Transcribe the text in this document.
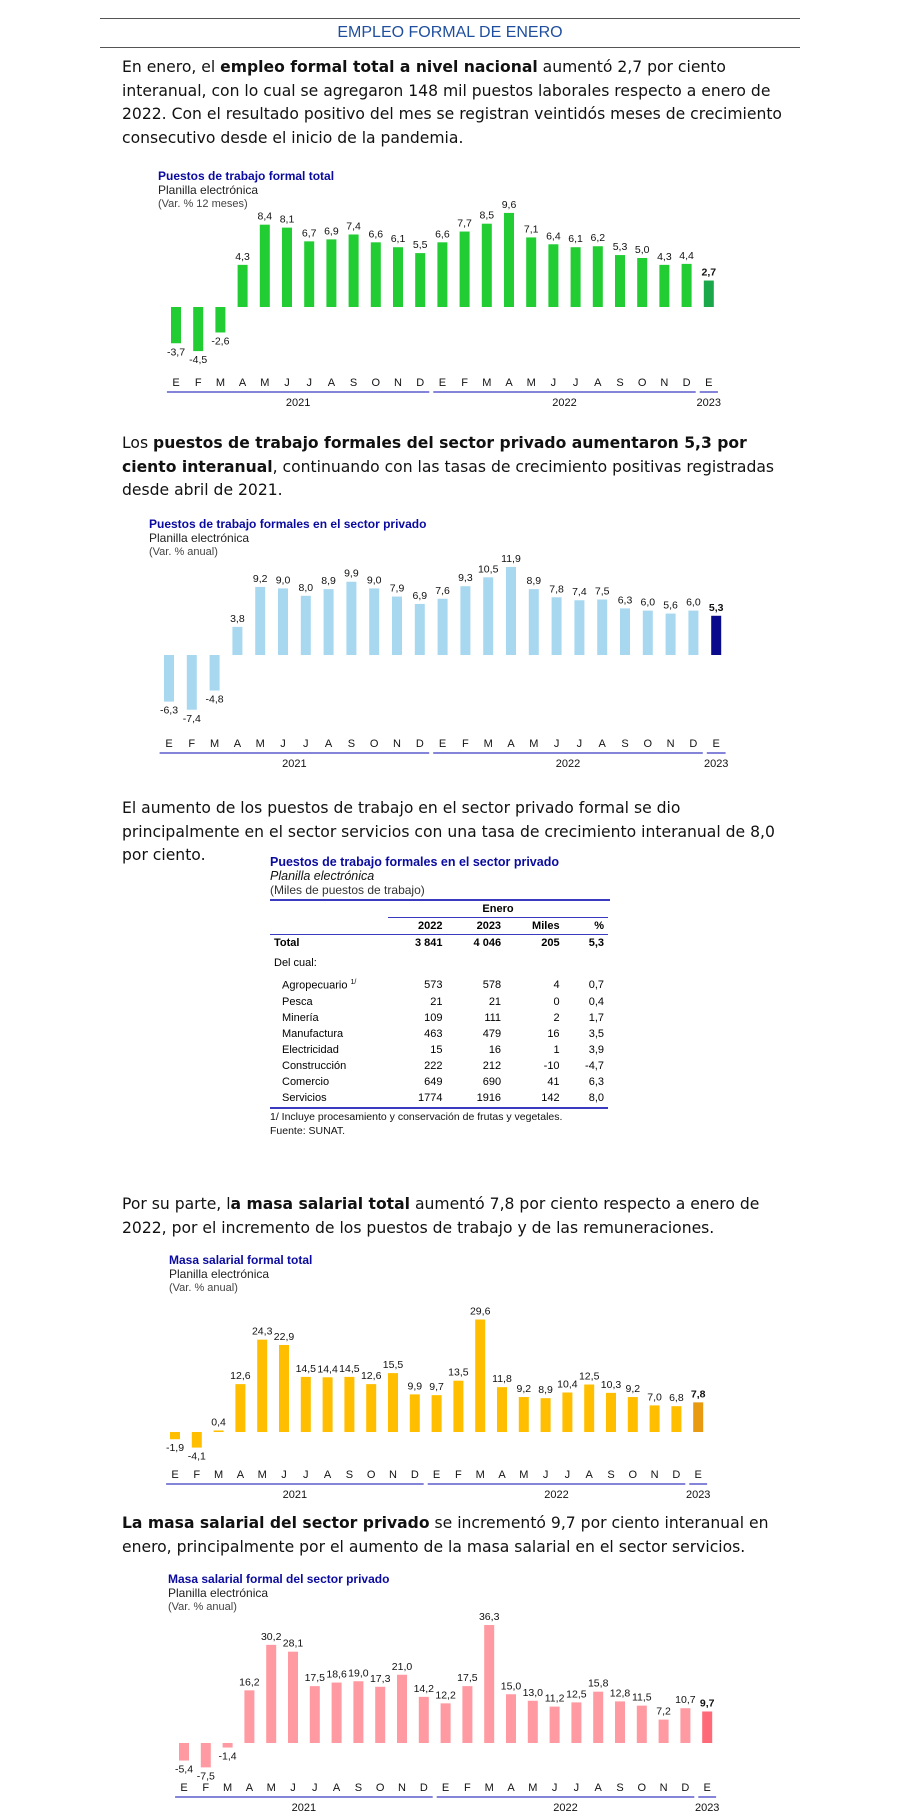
EMPLEO FORMAL DE ENERO
En enero, el empleo formal total a nivel nacional aumentó 2,7 por ciento interanual, con lo cual se agregaron 148 mil puestos laborales respecto a enero de 2022. Con el resultado positivo del mes se registran veintidós meses de crecimiento consecutivo desde el inicio de la pandemia.
Puestos de trabajo formal total
Planilla electrónica
(Var. % 12 meses)
-3,7
E
-4,5
F
-2,6
M
4,3
A
8,4
M
8,1
J
6,7
J
6,9
A
7,4
S
6,6
O
6,1
N
5,5
D
6,6
E
7,7
F
8,5
M
9,6
A
7,1
M
6,4
J
6,1
J
6,2
A
5,3
S
5,0
O
4,3
N
4,4
D
2,7
E
2021	2022	2023
Los puestos de trabajo formales del sector privado aumentaron 5,3 por ciento interanual, continuando con las tasas de crecimiento positivas registradas desde abril de 2021.
Puestos de trabajo formales en el sector privado
Planilla electrónica
(Var. % anual)
-6,3
E
-7,4
F
-4,8
M
3,8
A
9,2
M
9,0
J
8,0
J
8,9
A
9,9
S
9,0
O
7,9
N
6,9
D
7,6
E
9,3
F
10,5
M
11,9
A
8,9
M
7,8
J
7,4
J
7,5
A
6,3
S
6,0
O
5,6
N
6,0
D
5,3
E
2021	2022	2023
El aumento de los puestos de trabajo en el sector privado formal se dio principalmente en el sector servicios con una tasa de crecimiento interanual de 8,0 por ciento.	Puestos de trabajo formales en el sector privado
Planilla electrónica
(Miles de puestos de trabajo)
	Enero			
	2022	2023	Miles	%
Total	3 841	4 046	205	5,3
Del cual:				
Agropecuario $^{1/}$	573	578	4	0,7
Pesca	21	21	0	0,4
Minería	109	111	2	1,7
Manufactura	463	479	16	3,5
Electricidad	15	16	1	3,9
Construcción	222	212	-10	-4,7
Comercio	649	690	41	6,3
Servicios	1774	1916	142	8,0
1/ Incluye procesamiento y conservación de frutas y vegetales.
Fuente: SUNAT.
Por su parte, la masa salarial total aumentó 7,8 por ciento respecto a enero de 2022, por el incremento de los puestos de trabajo y de las remuneraciones.
Masa salarial formal total
Planilla electrónica
(Var. % anual)
-1,9
E
-4,1
F
0,4
M
12,6
A
24,3
M
22,9
J
14,5
J
14,4
A
14,5
S
12,6
O
15,5
N
9,9
D
9,7
E
13,5
F
29,6
M
11,8
A
9,2
M
8,9
J
10,4
J
12,5
A
10,3
S
9,2
O
7,0
N
6,8
D
7,8
E
2021	2022	2023
La masa salarial del sector privado se incrementó 9,7 por ciento interanual en enero, principalmente por el aumento de la masa salarial en el sector servicios.
Masa salarial formal del sector privado
Planilla electrónica
(Var. % anual)
-5,4
E
-7,5
F
-1,4
M
16,2
A
30,2
M
28,1
J
17,5
J
18,6
A
19,0
S
17,3
O
21,0
N
14,2
D
12,2
E
17,5
F
36,3
M
15,0
A
13,0
M
11,2
J
12,5
J
15,8
A
12,8
S
11,5
O
7,2
N
10,7
D
9,7
E
2021	2022	2023
